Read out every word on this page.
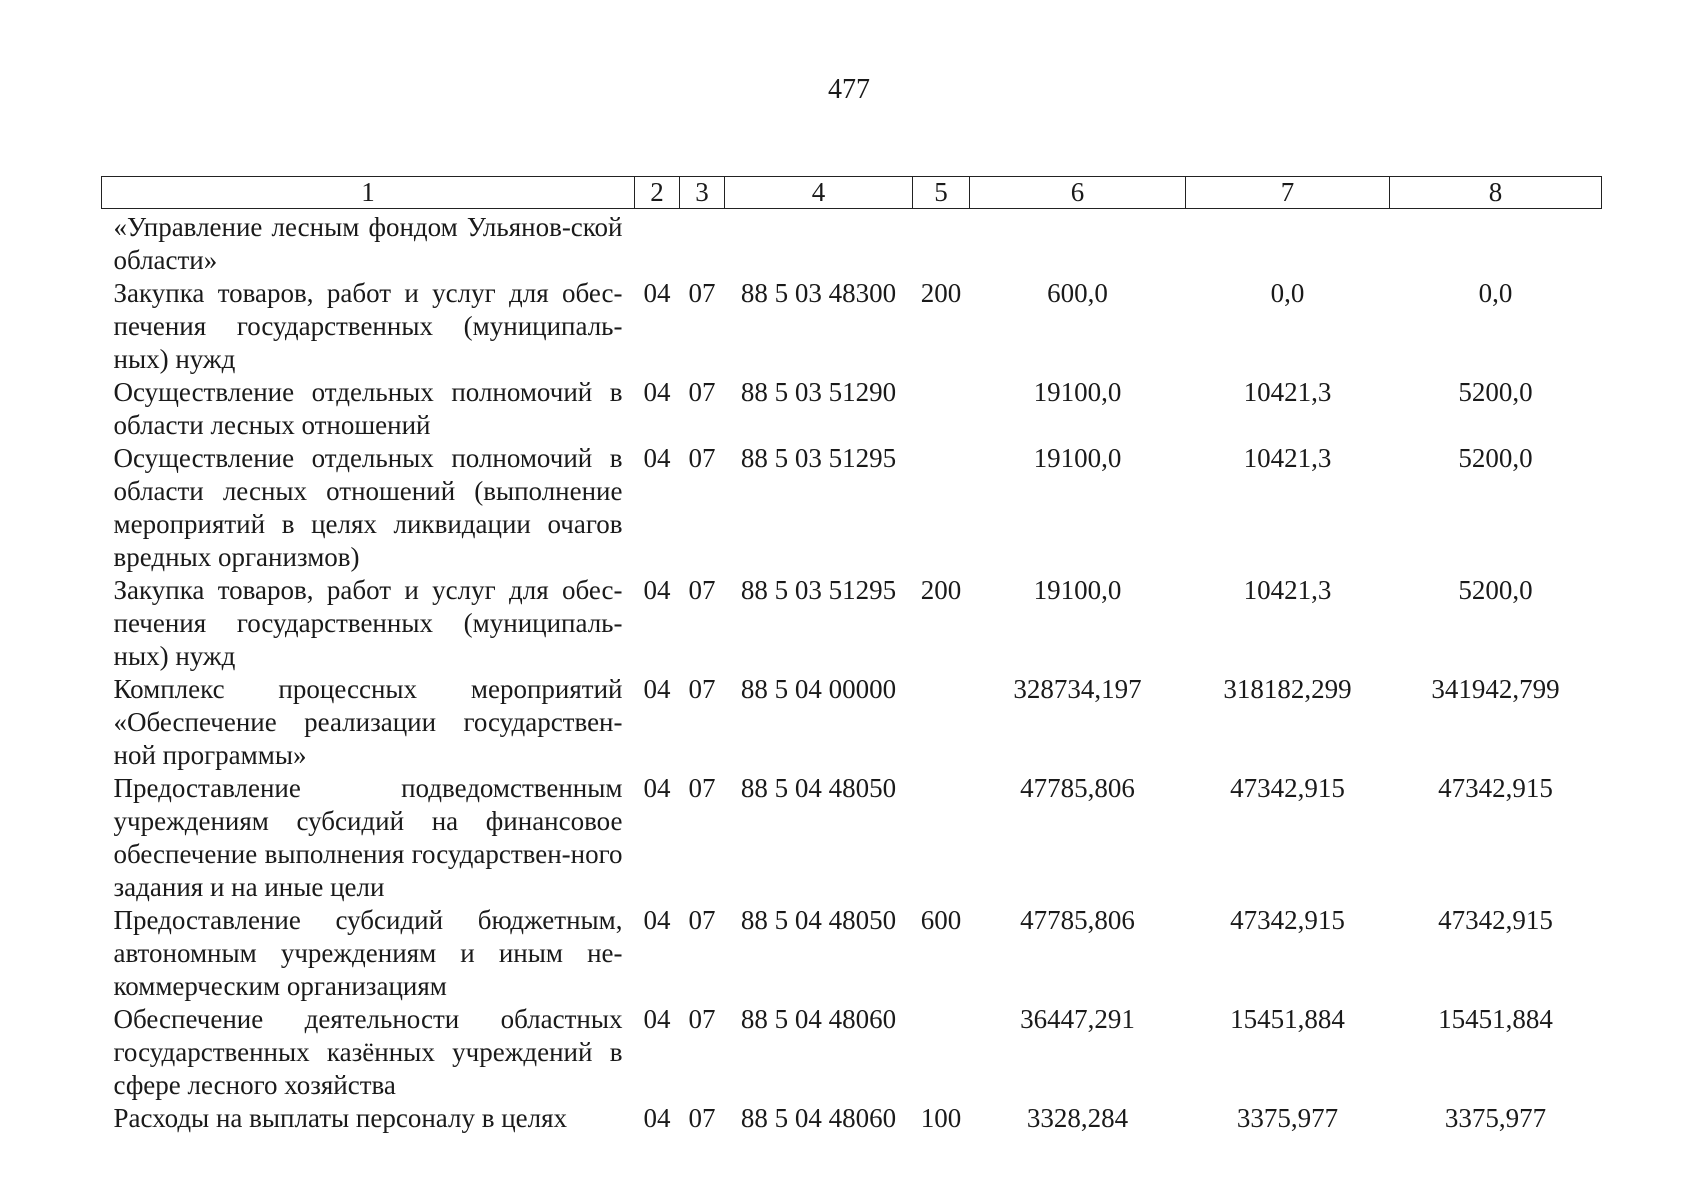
477
1	2	3	4	5	6	7	8
«Управление лесным фондом Ульянов-ской области»							
Закупка товаров, работ и услуг для обес-печения государственных (муниципаль-ных) нужд	04	07	88 5 03 48300	200	600,0	0,0	0,0
Осуществление отдельных полномочий в области лесных отношений	04	07	88 5 03 51290		19100,0	10421,3	5200,0
Осуществление отдельных полномочий в области лесных отношений (выполнение мероприятий в целях ликвидации очагов вредных организмов)	04	07	88 5 03 51295		19100,0	10421,3	5200,0
Закупка товаров, работ и услуг для обес-печения государственных (муниципаль-ных) нужд	04	07	88 5 03 51295	200	19100,0	10421,3	5200,0
Комплекс процессных мероприятий «Обеспечение реализации государствен-ной программы»	04	07	88 5 04 00000		328734,197	318182,299	341942,799
Предоставление подведомственным учреждениям субсидий на финансовое обеспечение выполнения государствен-ного задания и на иные цели	04	07	88 5 04 48050		47785,806	47342,915	47342,915
Предоставление субсидий бюджетным, автономным учреждениям и иным не-коммерческим организациям	04	07	88 5 04 48050	600	47785,806	47342,915	47342,915
Обеспечение деятельности областных государственных казённых учреждений в сфере лесного хозяйства	04	07	88 5 04 48060		36447,291	15451,884	15451,884
Расходы на выплаты персоналу в целях	04	07	88 5 04 48060	100	3328,284	3375,977	3375,977
